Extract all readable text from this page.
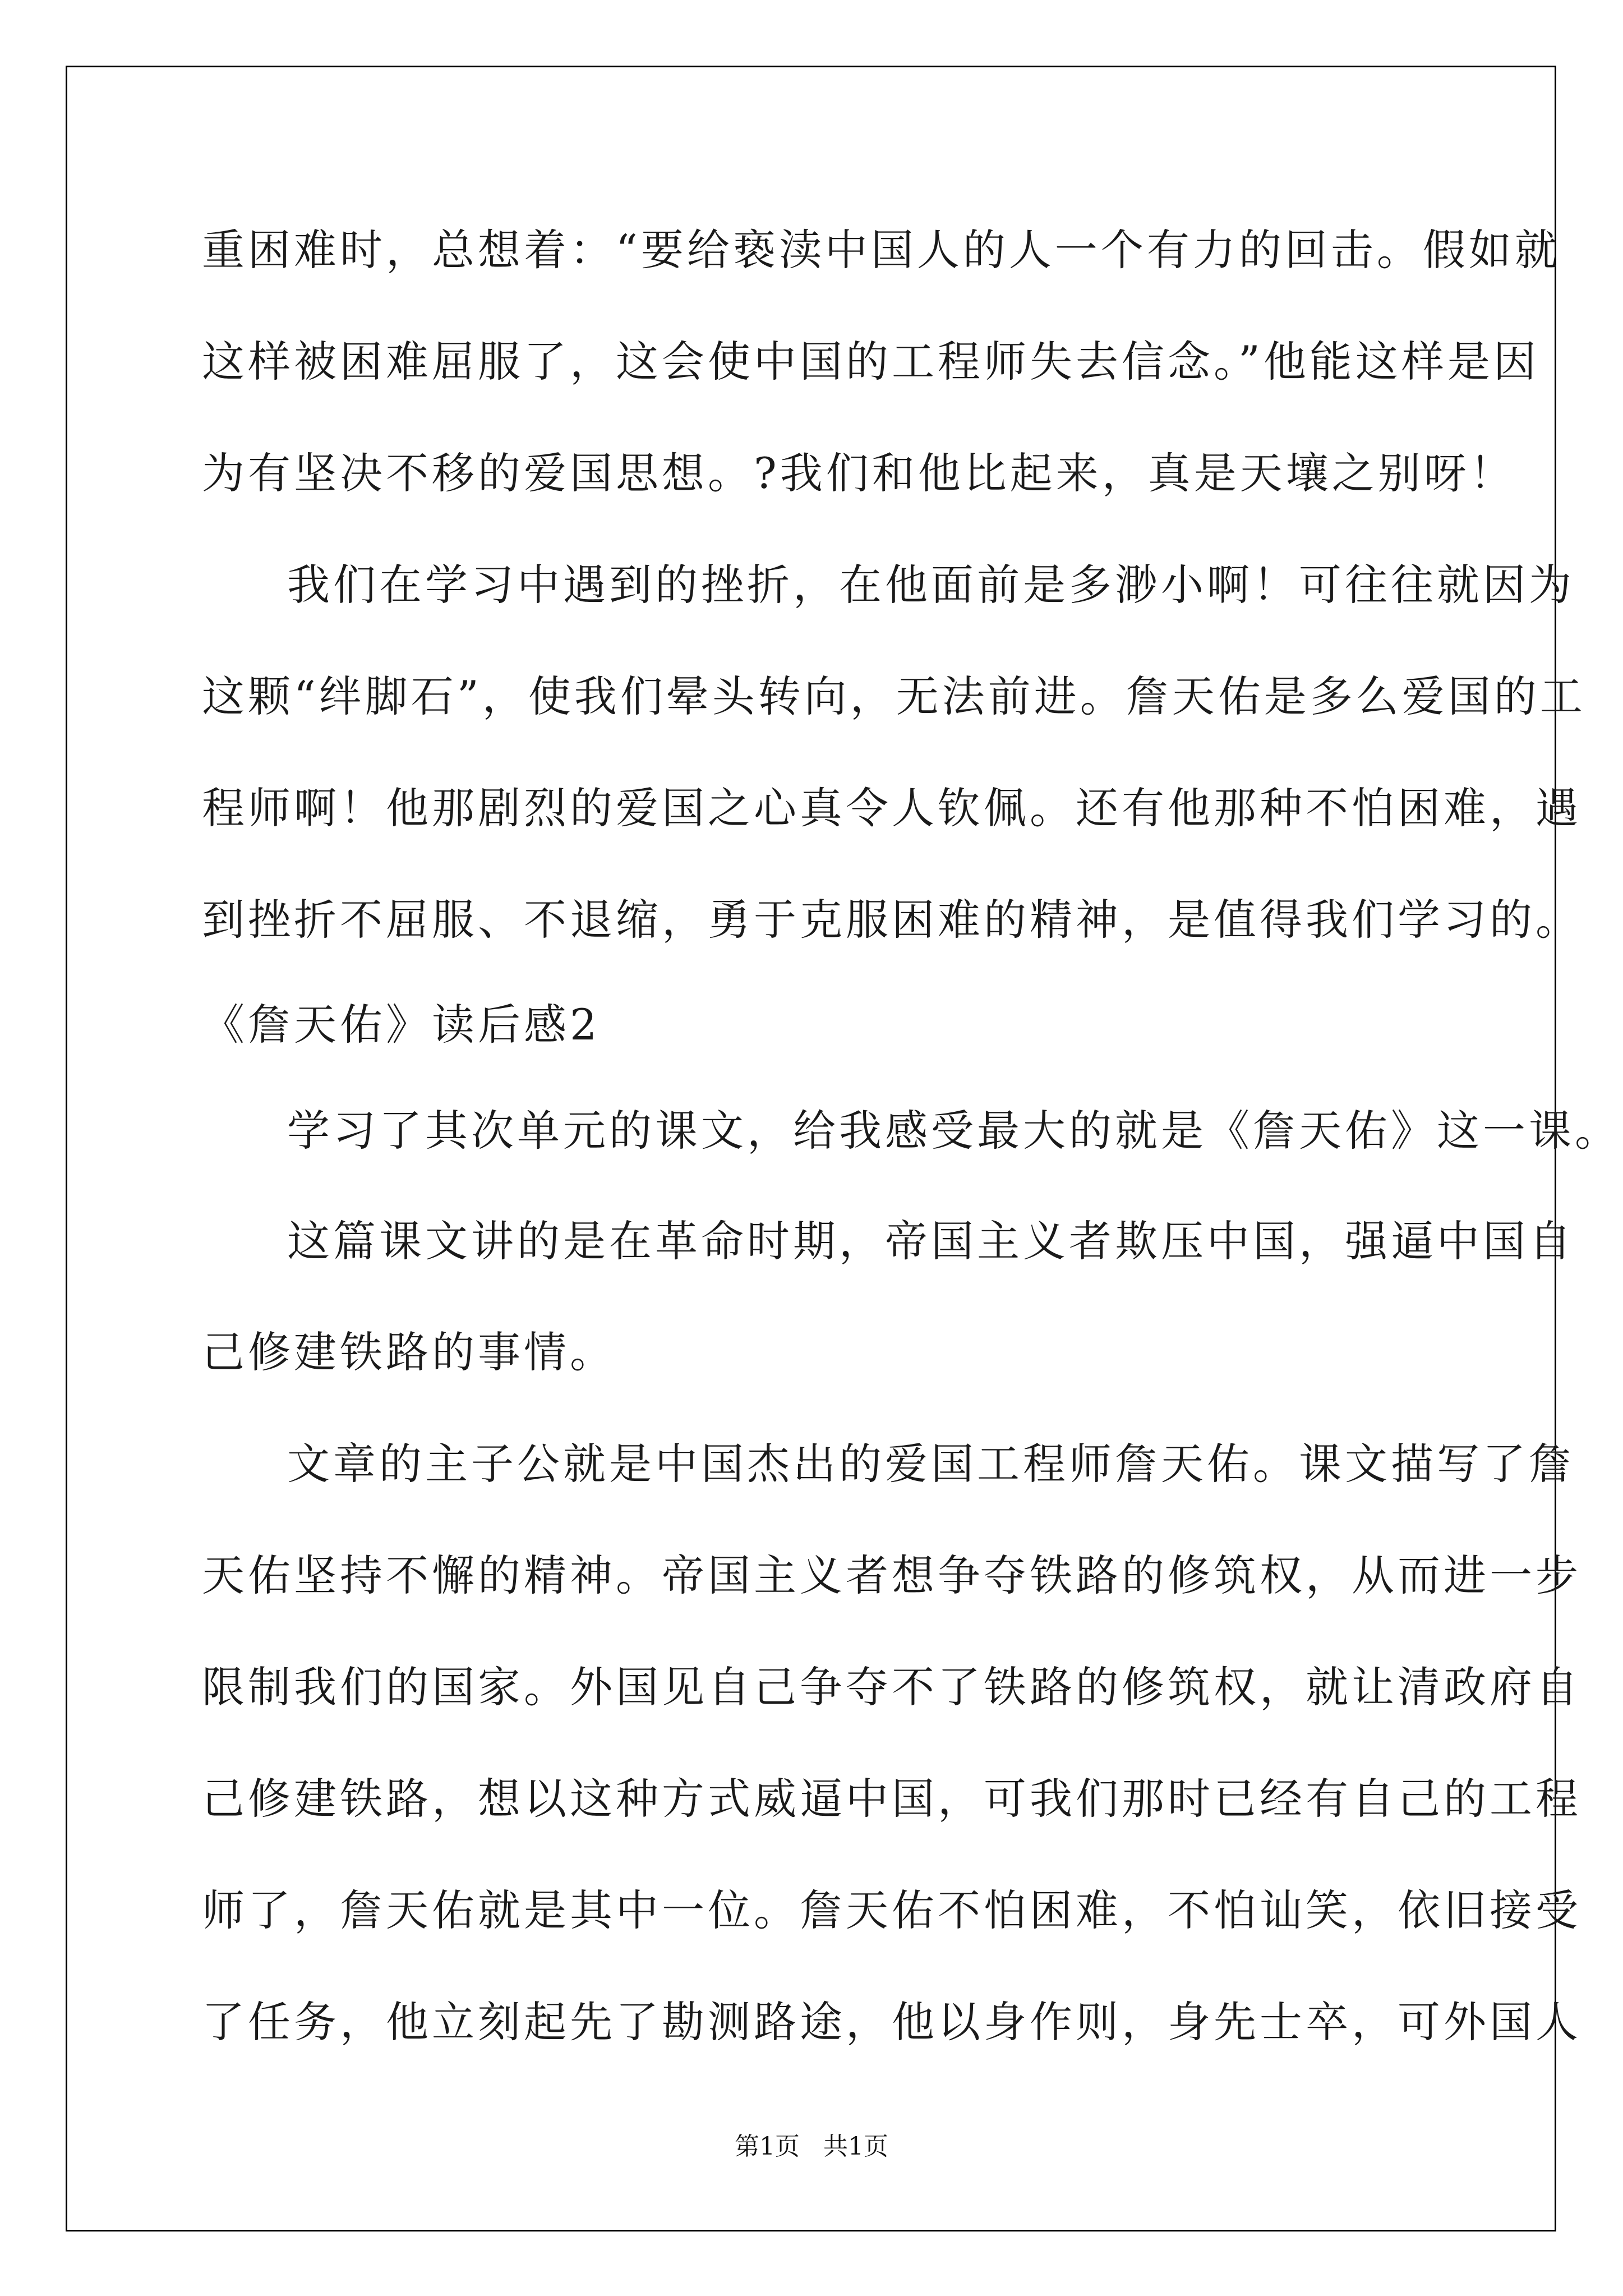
重困难时，总想着：“要给亵渎中国人的人一个有力的回击。假如就
这样被困难屈服了，这会使中国的工程师失去信念。”他能这样是因
为有坚决不移的爱国思想。?我们和他比起来，真是天壤之别呀！
我们在学习中遇到的挫折，在他面前是多渺小啊！可往往就因为
这颗“绊脚石”，使我们晕头转向，无法前进。詹天佑是多么爱国的工
程师啊！他那剧烈的爱国之心真令人钦佩。还有他那种不怕困难，遇
到挫折不屈服、不退缩，勇于克服困难的精神，是值得我们学习的。
《詹天佑》读后感2
学习了其次单元的课文，给我感受最大的就是《詹天佑》这一课。
这篇课文讲的是在革命时期，帝国主义者欺压中国，强逼中国自
己修建铁路的事情。
文章的主子公就是中国杰出的爱国工程师詹天佑。课文描写了詹
天佑坚持不懈的精神。帝国主义者想争夺铁路的修筑权，从而进一步
限制我们的国家。外国见自己争夺不了铁路的修筑权，就让清政府自
己修建铁路，想以这种方式威逼中国，可我们那时已经有自己的工程
师了，詹天佑就是其中一位。詹天佑不怕困难，不怕讪笑，依旧接受
了任务，他立刻起先了勘测路途，他以身作则，身先士卒，可外国人
第1页   共1页
